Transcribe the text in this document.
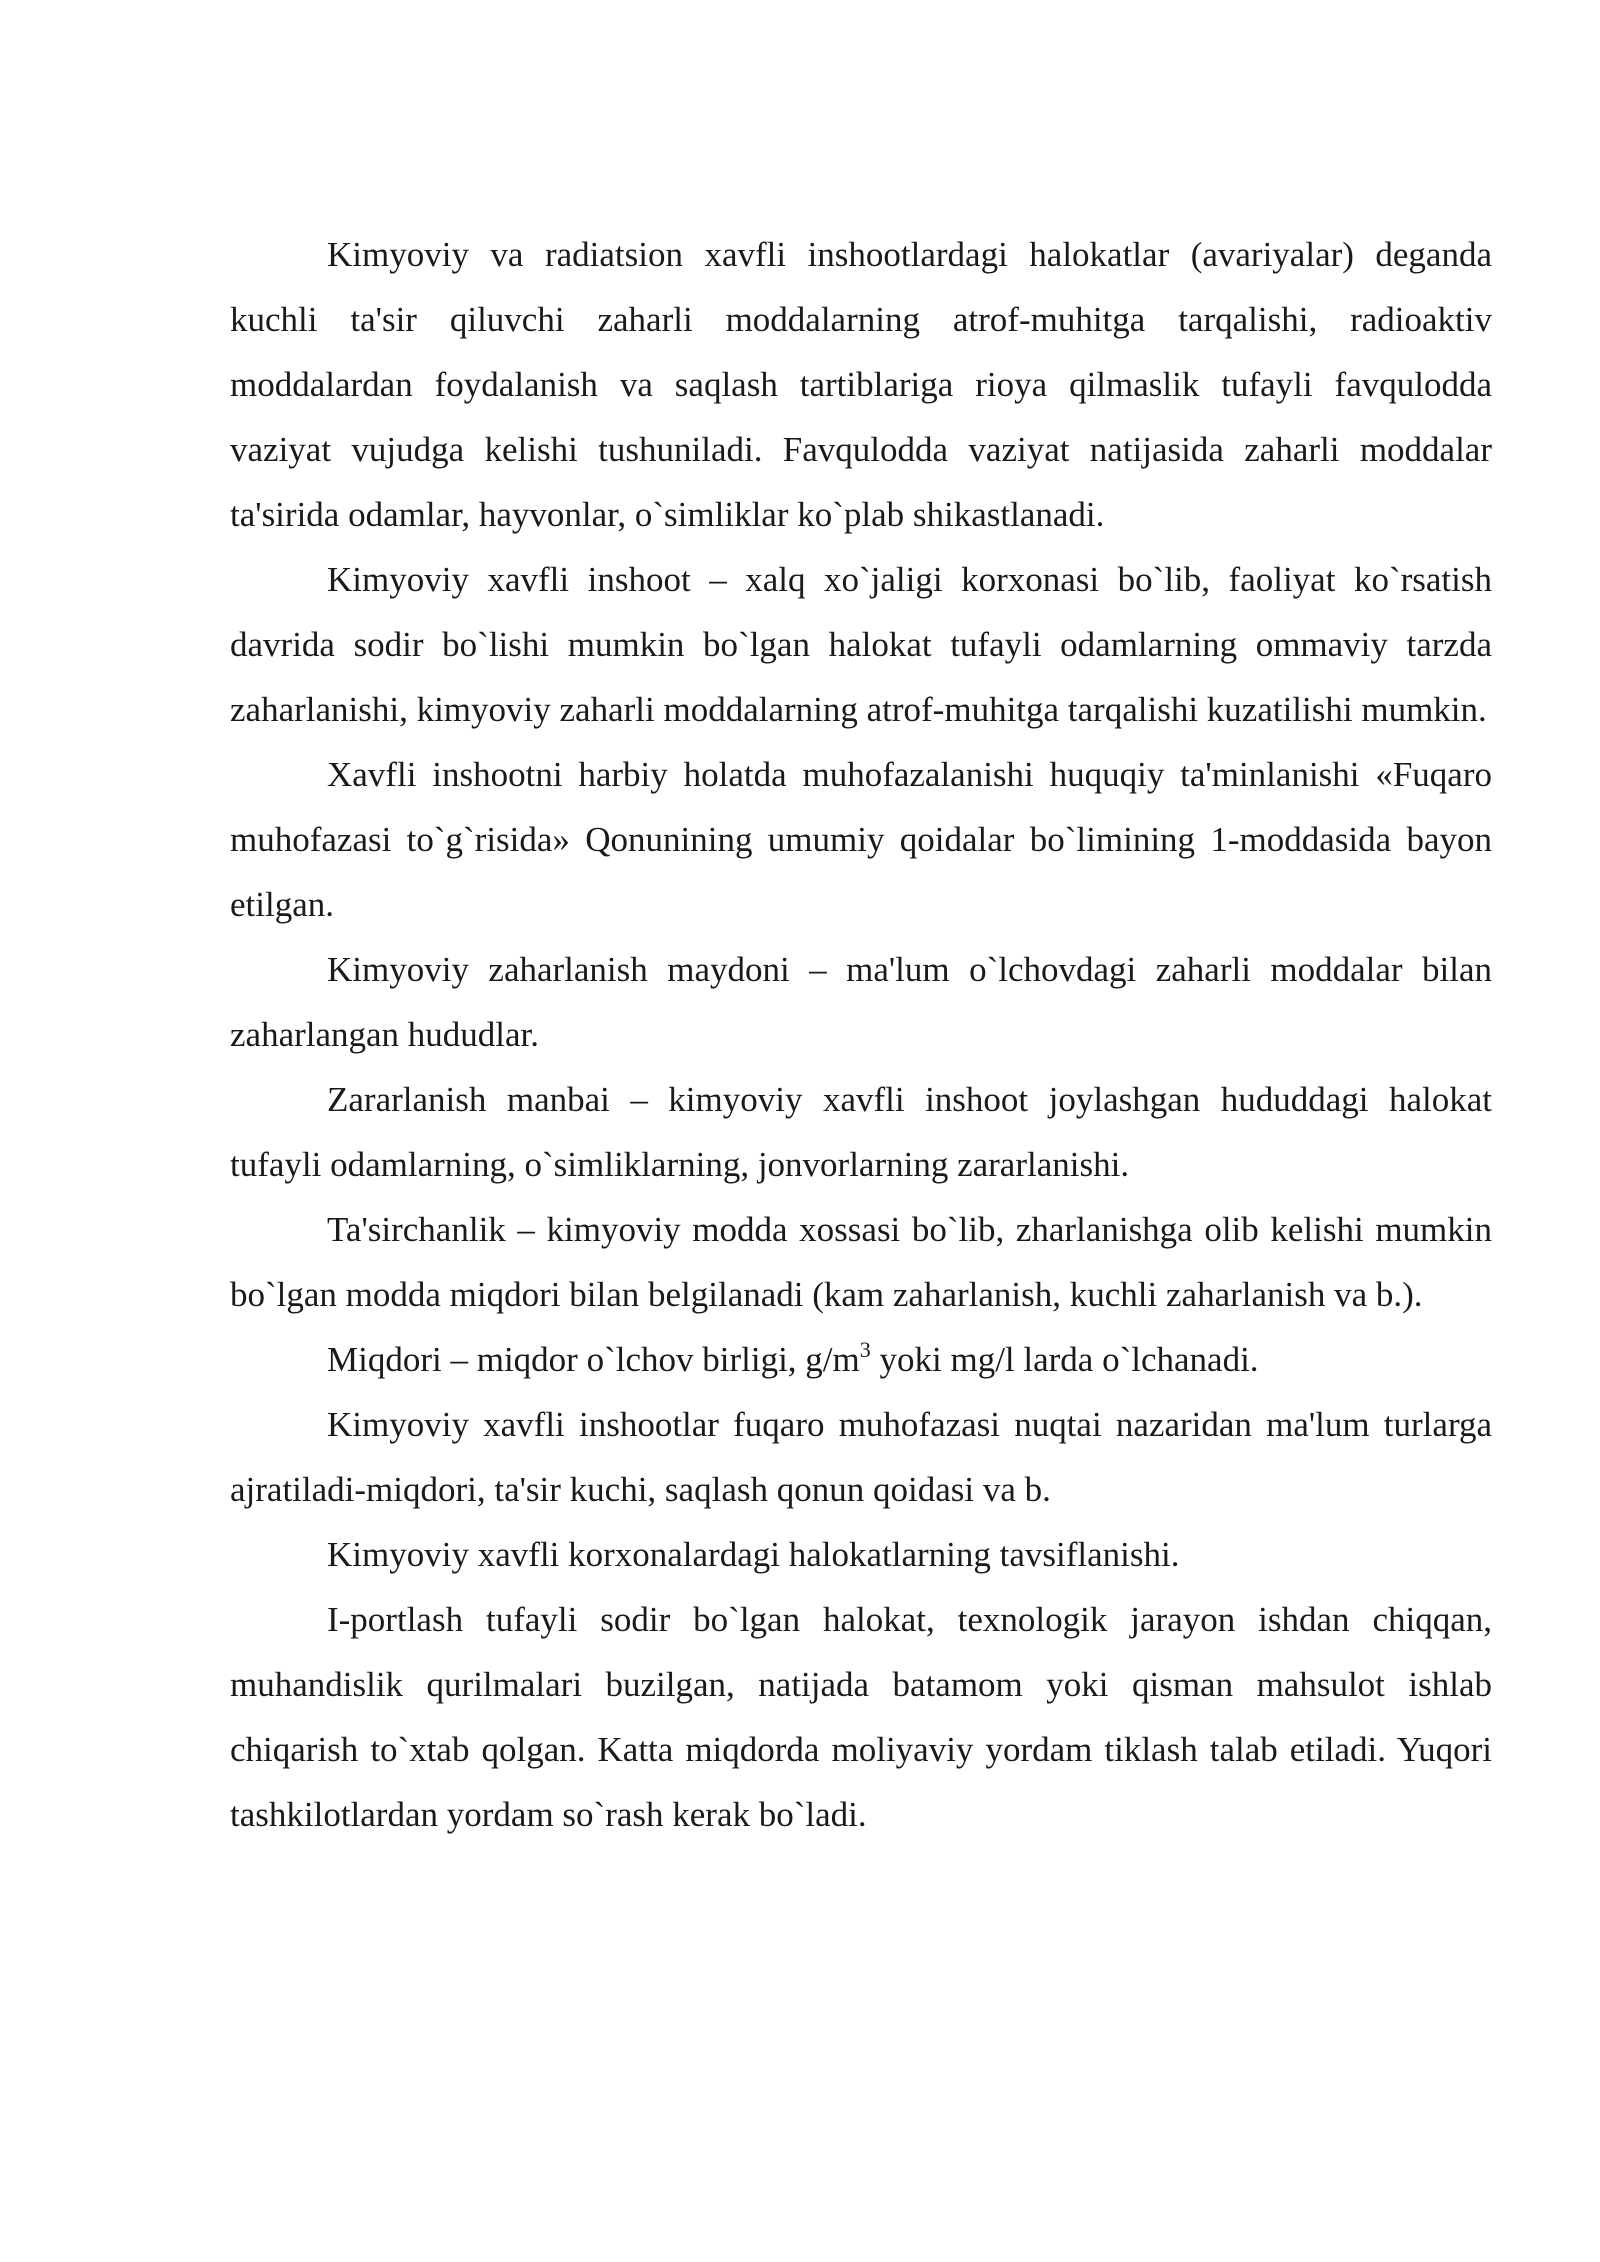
Kimyoviy va radiatsion xavfli inshootlardagi halokatlar (avariyalar) deganda kuchli ta'sir qiluvchi zaharli moddalarning atrof-muhitga tarqalishi, radioaktiv moddalardan foydalanish va saqlash tartiblariga rioya qilmaslik tufayli favqulodda vaziyat vujudga kelishi tushuniladi. Favqulodda vaziyat natijasida zaharli moddalar ta'sirida odamlar, hayvonlar, o`simliklar ko`plab shikastlanadi.

Kimyoviy xavfli inshoot – xalq xo`jaligi korxonasi bo`lib, faoliyat ko`rsatish davrida sodir bo`lishi mumkin bo`lgan halokat tufayli odamlarning ommaviy tarzda zaharlanishi, kimyoviy zaharli moddalarning atrof-muhitga tarqalishi kuzatilishi mumkin.

Xavfli inshootni harbiy holatda muhofazalanishi huquqiy ta'minlanishi «Fuqaro muhofazasi to`g`risida» Qonunining umumiy qoidalar bo`limining 1-moddasida bayon etilgan.

Kimyoviy zaharlanish maydoni – ma'lum o`lchovdagi zaharli moddalar bilan zaharlangan hududlar.

Zararlanish manbai – kimyoviy xavfli inshoot joylashgan hududdagi halokat tufayli odamlarning, o`simliklarning, jonvorlarning zararlanishi.

Ta'sirchanlik – kimyoviy modda xossasi bo`lib, zharlanishga olib kelishi mumkin bo`lgan modda miqdori bilan belgilanadi (kam zaharlanish, kuchli zaharlanish va b.).

Miqdori – miqdor o`lchov birligi, $g/m^3$ yoki mg/l larda o`lchanadi.

Kimyoviy xavfli inshootlar fuqaro muhofazasi nuqtai nazaridan ma'lum turlarga ajratiladi-miqdori, ta'sir kuchi, saqlash qonun qoidasi va b.

Kimyoviy xavfli korxonalardagi halokatlarning tavsiflanishi.

I-portlash tufayli sodir bo`lgan halokat, texnologik jarayon ishdan chiqqan, muhandislik qurilmalari buzilgan, natijada batamom yoki qisman mahsulot ishlab chiqarish to`xtab qolgan. Katta miqdorda moliyaviy yordam tiklash talab etiladi. Yuqori tashkilotlardan yordam so`rash kerak bo`ladi.
